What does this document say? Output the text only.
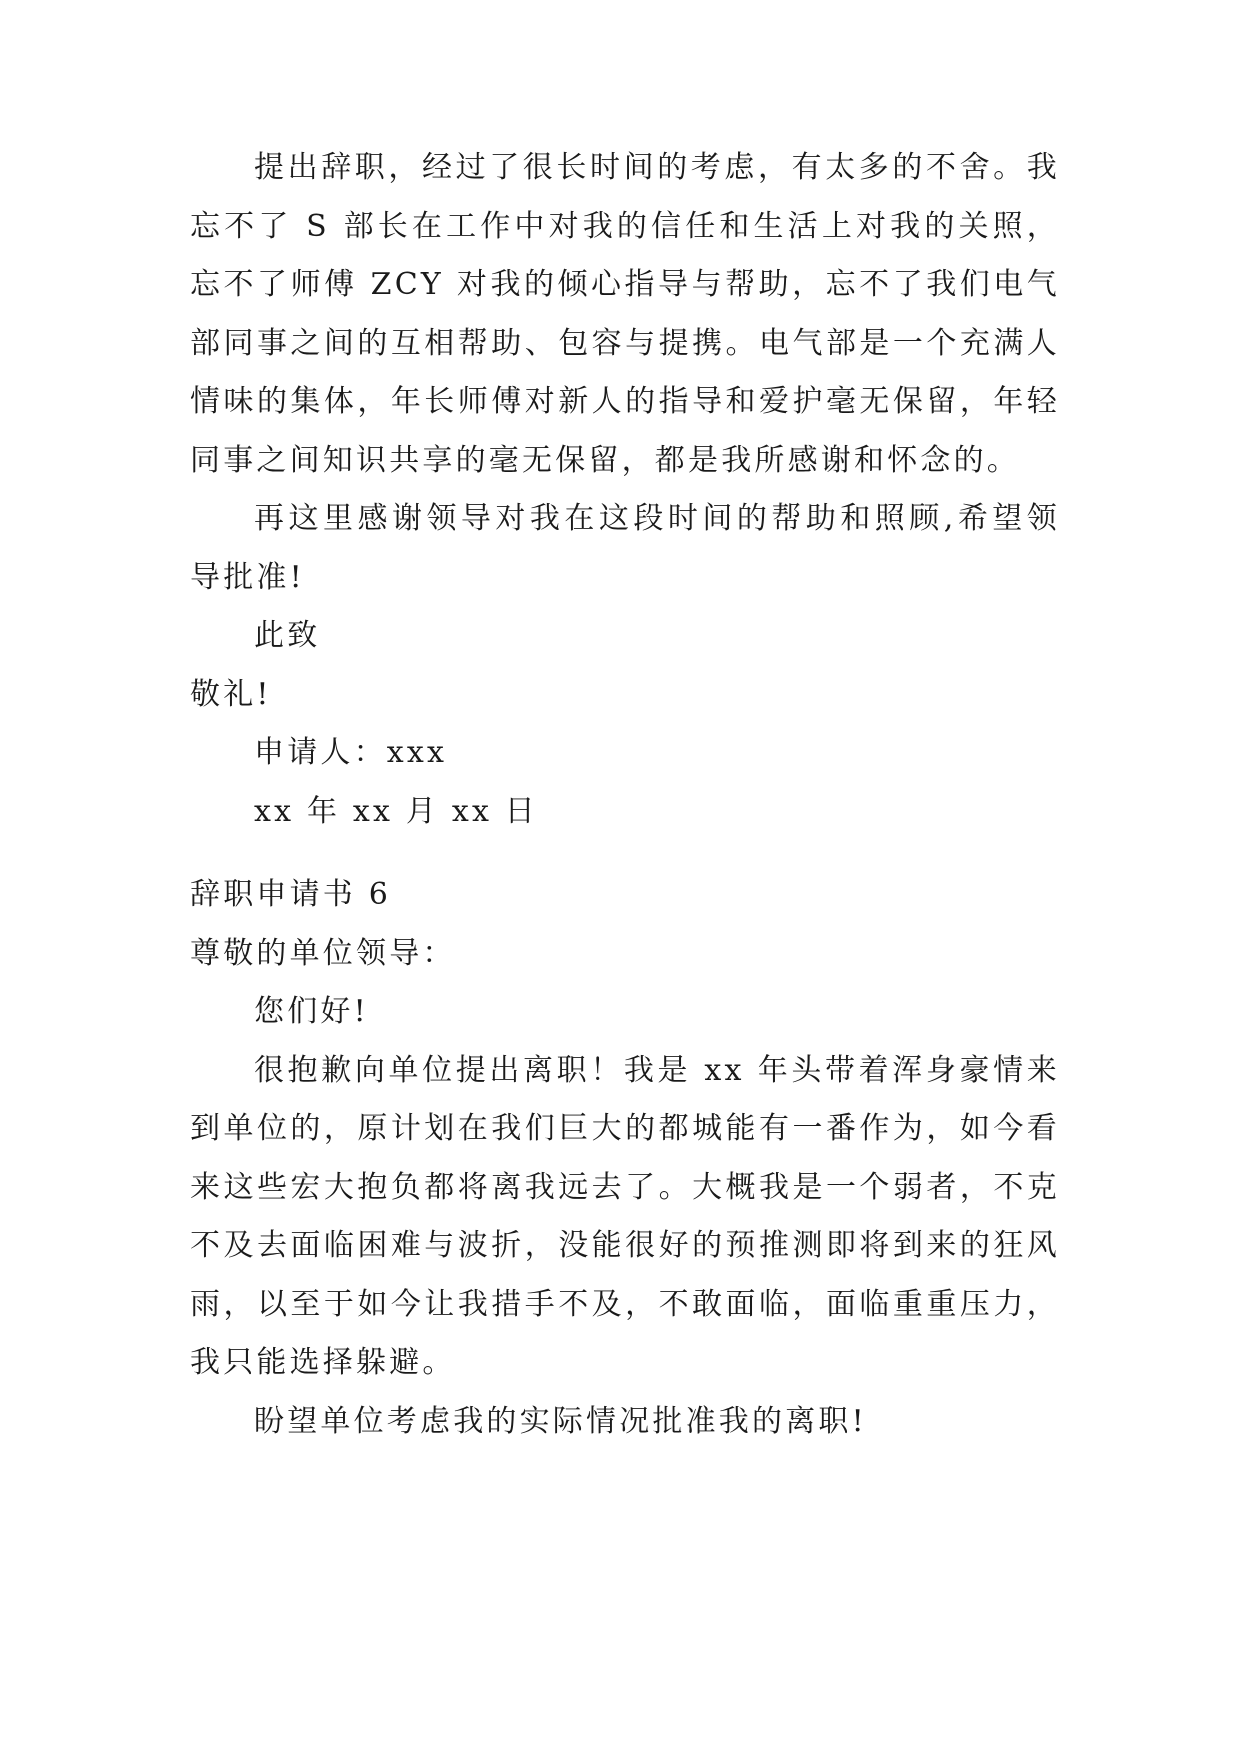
提出辞职，经过了很长时间的考虑，有太多的不舍。我忘不了 S 部长在工作中对我的信任和生活上对我的关照，忘不了师傅 ZCY 对我的倾心指导与帮助，忘不了我们电气部同事之间的互相帮助、包容与提携。电气部是一个充满人情味的集体，年长师傅对新人的指导和爱护毫无保留，年轻同事之间知识共享的毫无保留，都是我所感谢和怀念的。

再这里感谢领导对我在这段时间的帮助和照顾,希望领导批准!

此致

敬礼!

申请人：xxx

xx 年 xx 月 xx 日

辞职申请书 6

尊敬的单位领导：

您们好!

很抱歉向单位提出离职！我是 xx 年头带着浑身豪情来到单位的，原计划在我们巨大的都城能有一番作为，如今看来这些宏大抱负都将离我远去了。大概我是一个弱者，不克不及去面临困难与波折，没能很好的预推测即将到来的狂风雨，以至于如今让我措手不及，不敢面临，面临重重压力，我只能选择躲避。

盼望单位考虑我的实际情况批准我的离职!
